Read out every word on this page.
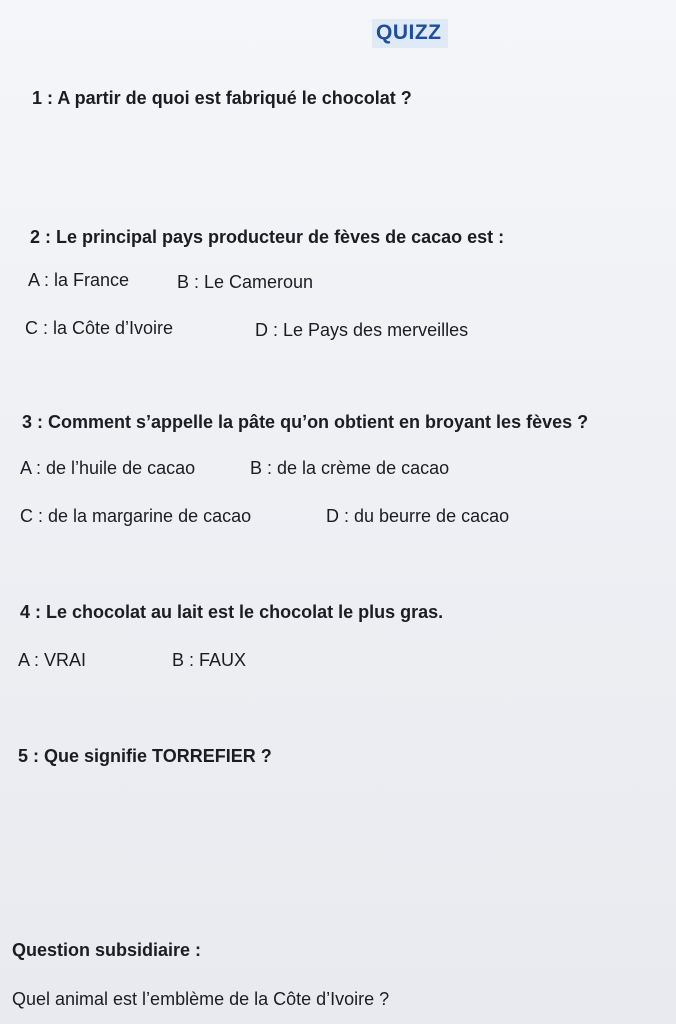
QUIZZ
1 : A partir de quoi est fabriqué le chocolat ?
2 : Le principal pays producteur de fèves de cacao est :
A : la France	B : Le Cameroun
C : la Côte d’Ivoire	D : Le Pays des merveilles
3 : Comment s’appelle la pâte qu’on obtient en broyant les fèves ?
A : de l’huile de cacao	B : de la crème de cacao
C : de la margarine de cacao	D : du beurre de cacao
4 : Le chocolat au lait est le chocolat le plus gras.
A : VRAI	B : FAUX
5 : Que signifie TORREFIER ?
Question subsidiaire :
Quel animal est l’emblème de la Côte d’Ivoire ?
